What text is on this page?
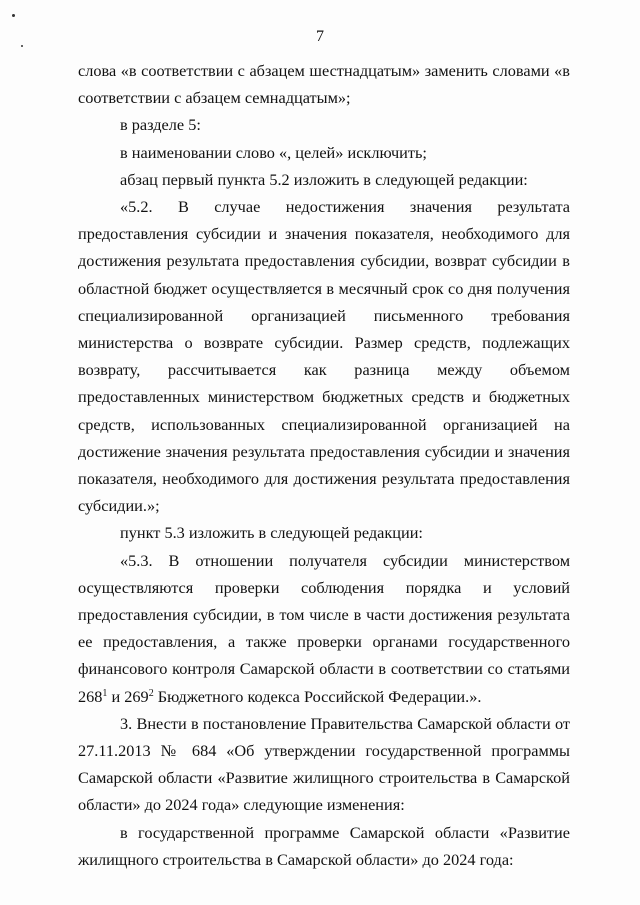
7

слова «в соответствии с абзацем шестнадцатым» заменить словами «в соответствии с абзацем семнадцатым»;

в разделе 5:

в наименовании слово «, целей» исключить;

абзац первый пункта 5.2 изложить в следующей редакции:

«5.2. В случае недостижения значения результата предоставления субсидии и значения показателя, необходимого для достижения результата предоставления субсидии, возврат субсидии в областной бюджет осуществляется в месячный срок со дня получения специализированной организацией письменного требования министерства о возврате субсидии. Размер средств, подлежащих возврату, рассчитывается как разница между объемом предоставленных министерством бюджетных средств и бюджетных средств, использованных специализированной организацией на достижение значения результата предоставления субсидии и значения показателя, необходимого для достижения результата предоставления субсидии.»;

пункт 5.3 изложить в следующей редакции:

«5.3. В отношении получателя субсидии министерством осуществляются проверки соблюдения порядка и условий предоставления субсидии, в том числе в части достижения результата ее предоставления, а также проверки органами государственного финансового контроля Самарской области в соответствии со статьями $268^1$ и $269^2$ Бюджетного кодекса Российской Федерации.».

3. Внести в постановление Правительства Самарской области от 27.11.2013 № 684 «Об утверждении государственной программы Самарской области «Развитие жилищного строительства в Самарской области» до 2024 года» следующие изменения:

в государственной программе Самарской области «Развитие жилищного строительства в Самарской области» до 2024 года:
